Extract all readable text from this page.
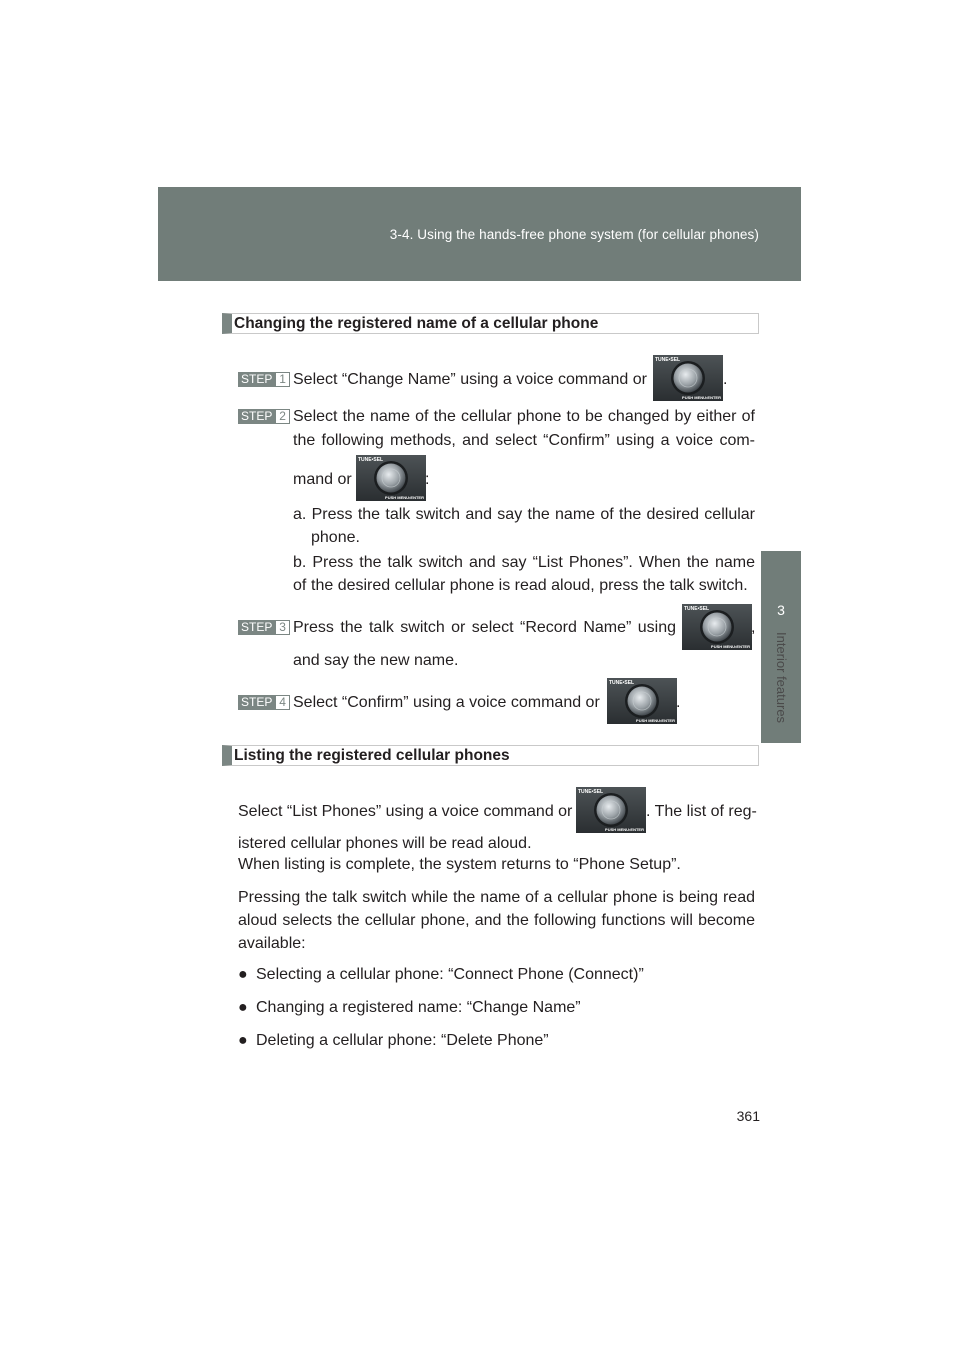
3-4. Using the hands-free phone system (for cellular phones)
3
Interior features
Changing the registered name of a cellular phone
STEP 1 Select “Change Name” using a voice command or
TUNE•SEL
PUSH MENU•ENTER
.
STEP 2 Select the name of the cellular phone to be changed by either of
the following methods, and select “Confirm” using a voice com-
mand or
TUNE•SEL
PUSH MENU•ENTER
:
a. Press the talk switch and say the name of the desired cellular
phone.
b. Press the talk switch and say “List Phones”. When the name of the desired cellular phone is read aloud, press the talk switch.
STEP 3 Press the talk switch or select “Record Name” using
TUNE•SEL
PUSH MENU•ENTER
,
and say the new name.
STEP 4 Select “Confirm” using a voice command or
TUNE•SEL
PUSH MENU•ENTER
.
Listing the registered cellular phones
Select “List Phones” using a voice command or
TUNE•SEL
PUSH MENU•ENTER
. The list of reg-
istered cellular phones will be read aloud.
When listing is complete, the system returns to “Phone Setup”.
Pressing the talk switch while the name of a cellular phone is being read
aloud selects the cellular phone, and the following functions will become
available:
● Selecting a cellular phone: “Connect Phone (Connect)”
● Changing a registered name: “Change Name”
● Deleting a cellular phone: “Delete Phone”
361
